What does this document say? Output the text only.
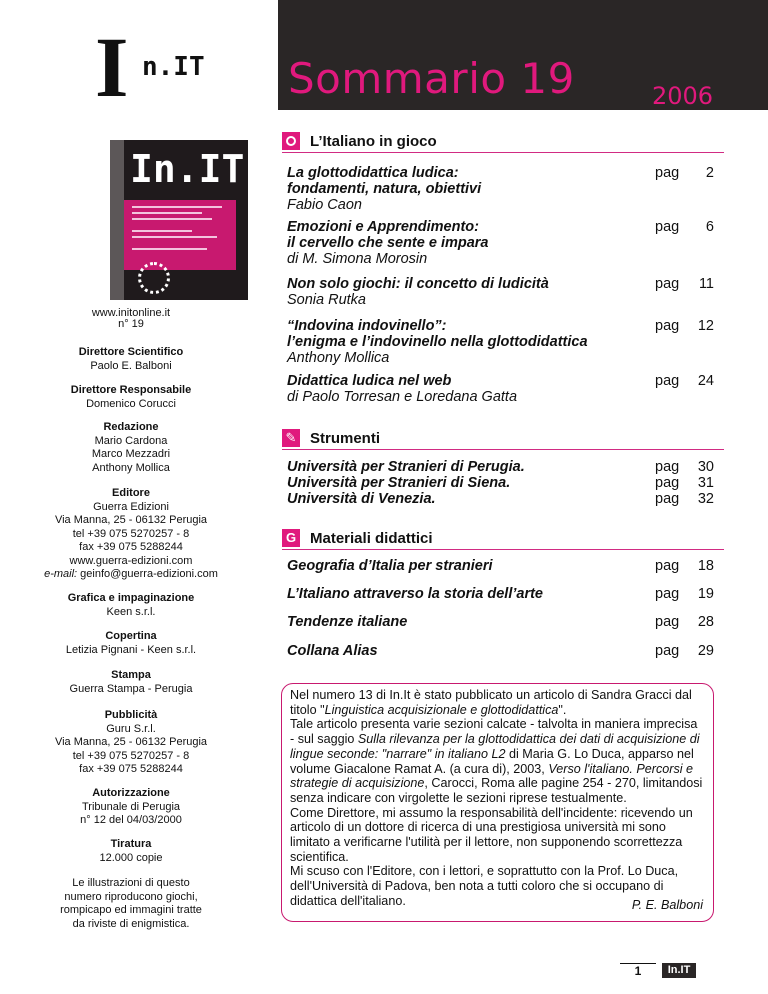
Sommario 19	2006
I n.IT
In.IT
www.initonline.it
n° 19
Direttore Scientifico
Paolo E. Balboni
Direttore Responsabile
Domenico Corucci
Redazione
Mario Cardona
Marco Mezzadri
Anthony Mollica
Editore
Guerra Edizioni
Via Manna, 25 - 06132 Perugia
tel +39 075 5270257 - 8
fax +39 075 5288244
www.guerra-edizioni.com
e-mail: geinfo@guerra-edizioni.com
Grafica e impaginazione
Keen s.r.l.
Copertina
Letizia Pignani - Keen s.r.l.
Stampa
Guerra Stampa - Perugia
Pubblicità
Guru S.r.l.
Via Manna, 25 - 06132 Perugia
tel +39 075 5270257 - 8
fax +39 075 5288244
Autorizzazione
Tribunale di Perugia
n° 12 del 04/03/2000
Tiratura
12.000 copie
Le illustrazioni di questo
numero riproducono giochi,
rompicapo ed immagini tratte
da riviste di enigmistica.
L’Italiano in gioco
La glottodidattica ludica:
fondamenti, natura, obiettivi
Fabio Caon
pag 2
Emozioni e Apprendimento:
il cervello che sente e impara
di M. Simona Morosin
pag 6
Non solo giochi: il concetto di ludicità
Sonia Rutka
pag 11
“Indovina indovinello”:
l’enigma e l’indovinello nella glottodidattica
Anthony Mollica
pag 12
Didattica ludica nel web
di Paolo Torresan e Loredana Gatta
pag 24
✎
Strumenti
Università per Stranieri di Perugia.	pag 30
Università per Stranieri di Siena.	pag 31
Università di Venezia.	pag 32
G Materiali didattici
Geografia d’Italia per stranieri	pag 18
L’Italiano attraverso la storia dell’arte	pag 19
Tendenze italiane	pag 28
Collana Alias	pag 29

Nel numero 13 di In.It è stato pubblicato un articolo di Sandra Gracci dal titolo "Linguistica acquisizionale e glottodidattica".

Tale articolo presenta varie sezioni calcate - talvolta in maniera imprecisa - sul saggio Sulla rilevanza per la glottodidattica dei dati di acquisizione di lingue seconde: "narrare" in italiano L2 di Maria G. Lo Duca, apparso nel volume Giacalone Ramat A. (a cura di), 2003, Verso l'italiano. Percorsi e strategie di acquisizione, Carocci, Roma alle pagine 254 - 270, limitandosi senza indicare con virgolette le sezioni riprese testualmente.

Come Direttore, mi assumo la responsabilità dell'incidente: ricevendo un articolo di un dottore di ricerca di una prestigiosa università mi sono limitato a verificarne l'utilità per il lettore, non supponendo scorrettezza scientifica.

Mi scuso con l'Editore, con i lettori, e soprattutto con la Prof. Lo Duca, dell'Università di Padova, ben nota a tutti coloro che si occupano di didattica dell'italiano.	P. E. Balboni
1	In.IT
